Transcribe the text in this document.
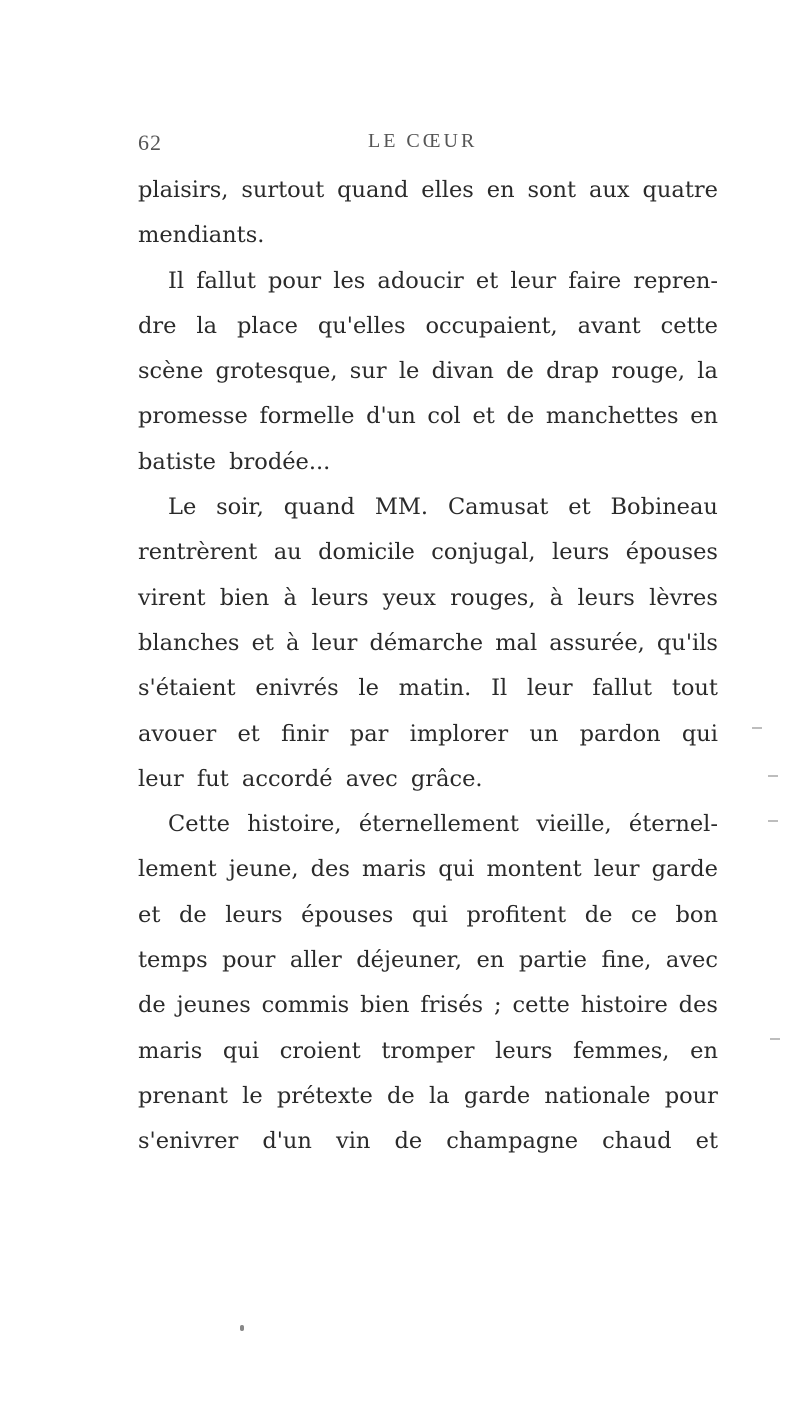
62	LE CŒUR
plaisirs, surtout quand elles en sont aux quatre
mendiants.
Il fallut pour les adoucir et leur faire repren-
dre la place qu'elles occupaient, avant cette
scène grotesque, sur le divan de drap rouge, la
promesse formelle d'un col et de manchettes en
batiste brodée...
Le soir, quand MM. Camusat et Bobineau
rentrèrent au domicile conjugal, leurs épouses
virent bien à leurs yeux rouges, à leurs lèvres
blanches et à leur démarche mal assurée, qu'ils
s'étaient enivrés le matin. Il leur fallut tout
avouer et finir par implorer un pardon qui
leur fut accordé avec grâce.
Cette histoire, éternellement vieille, éternel-
lement jeune, des maris qui montent leur garde
et de leurs épouses qui profitent de ce bon
temps pour aller déjeuner, en partie fine, avec
de jeunes commis bien frisés ; cette histoire des
maris qui croient tromper leurs femmes, en
prenant le prétexte de la garde nationale pour
s'enivrer d'un vin de champagne chaud et
